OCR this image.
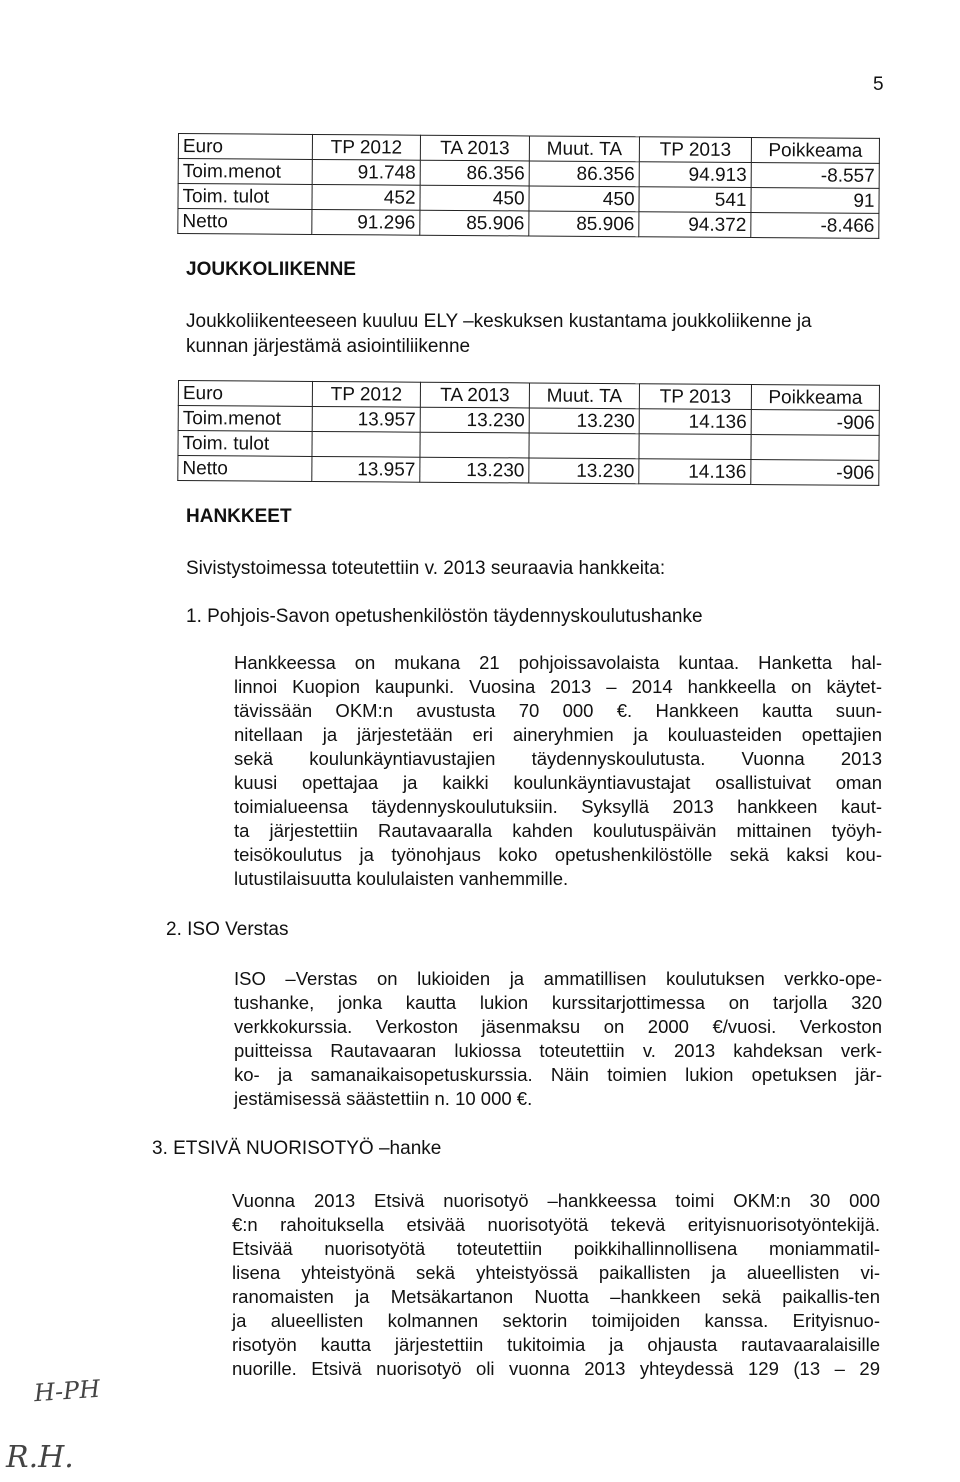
5
Euro	TP 2012	TA 2013	Muut. TA	TP 2013	Poikkeama
Toim.menot	91.748	86.356	86.356	94.913	-8.557
Toim. tulot	452	450	450	541	91
Netto	91.296	85.906	85.906	94.372	-8.466
JOUKKOLIIKENNE
Joukkoliikenteeseen kuuluu ELY –keskuksen kustantama joukkoliikenne ja
kunnan järjestämä asiointiliikenne
Euro	TP 2012	TA 2013	Muut. TA	TP 2013	Poikkeama
Toim.menot	13.957	13.230	13.230	14.136	-906
Toim. tulot					
Netto	13.957	13.230	13.230	14.136	-906
HANKKEET
Sivistystoimessa toteutettiin v. 2013 seuraavia hankkeita:
1. Pohjois-Savon opetushenkilöstön täydennyskoulutushanke
Hankkeessa on mukana 21 pohjoissavolaista kuntaa. Hanketta hal-
linnoi Kuopion kaupunki. Vuosina 2013 – 2014 hankkeella on käytet-
tävissään OKM:n avustusta 70 000 €. Hankkeen kautta suun-
nitellaan ja järjestetään eri aineryhmien ja kouluasteiden opettajien
sekä koulunkäyntiavustajien täydennyskoulutusta. Vuonna 2013
kuusi opettajaa ja kaikki koulunkäyntiavustajat osallistuivat oman
toimialueensa täydennyskoulutuksiin. Syksyllä 2013 hankkeen kaut-
ta järjestettiin Rautavaaralla kahden koulutuspäivän mittainen työyh-
teisökoulutus ja työnohjaus koko opetushenkilöstölle sekä kaksi kou-
lutustilaisuutta koululaisten vanhemmille.
2. ISO Verstas
ISO –Verstas on lukioiden ja ammatillisen koulutuksen verkko-ope-
tushanke, jonka kautta lukion kurssitarjottimessa on tarjolla 320
verkkokurssia. Verkoston jäsenmaksu on 2000 €/vuosi. Verkoston
puitteissa Rautavaaran lukiossa toteutettiin v. 2013 kahdeksan verk-
ko- ja samanaikaisopetuskurssia. Näin toimien lukion opetuksen jär-
jestämisessä säästettiin n. 10 000 €.
3. ETSIVÄ NUORISOTYÖ –hanke
Vuonna 2013 Etsivä nuorisotyö –hankkeessa toimi OKM:n 30 000
€:n rahoituksella etsivää nuorisotyötä tekevä erityisnuorisotyöntekijä.
Etsivää nuorisotyötä toteutettiin poikkihallinnollisena moniammatil-
lisena yhteistyönä sekä yhteistyössä paikallisten ja alueellisten vi-
ranomaisten ja Metsäkartanon Nuotta –hankkeen sekä paikallis-ten
ja alueellisten kolmannen sektorin toimijoiden kanssa. Erityisnuo-
risotyön kautta järjestettiin tukitoimia ja ohjausta rautavaaralaisille
nuorille. Etsivä nuorisotyö oli vuonna 2013 yhteydessä 129 (13 – 29
H-PH
R.H.
